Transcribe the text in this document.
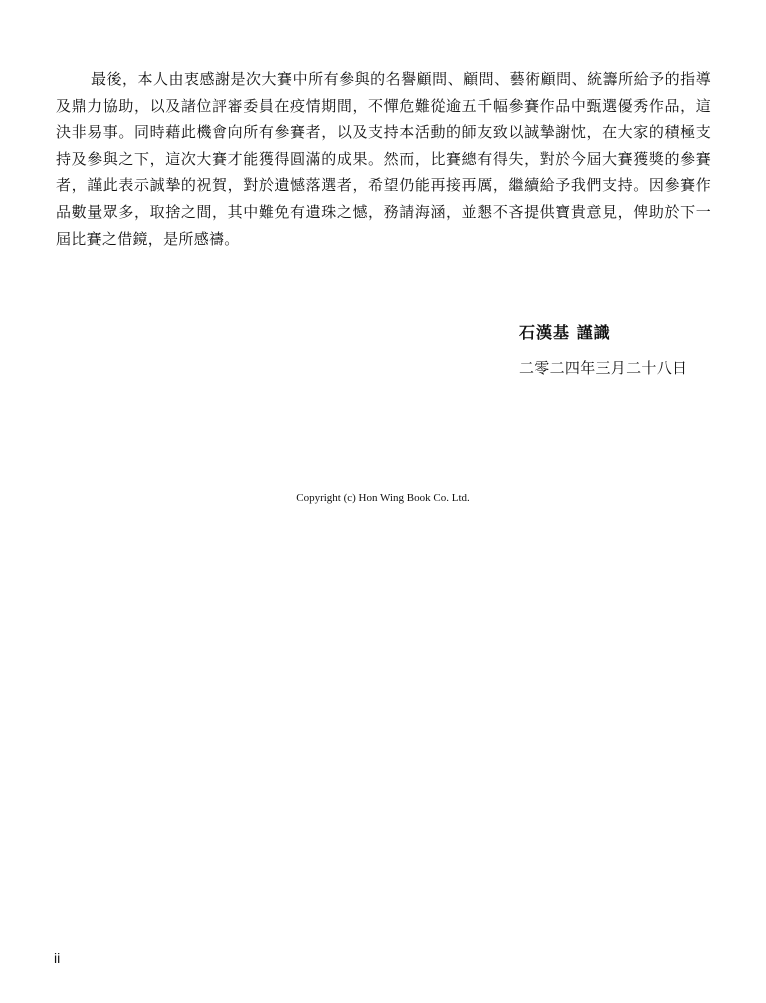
最後，本人由衷感謝是次大賽中所有參與的名譽顧問、顧問、藝術顧問、統籌所給予的指導及鼎力協助，以及諸位評審委員在疫情期間，不憚危難從逾五千幅參賽作品中甄選優秀作品，這決非易事。同時藉此機會向所有參賽者，以及支持本活動的師友致以誠摯謝忱，在大家的積極支持及參與之下，這次大賽才能獲得圓滿的成果。然而，比賽總有得失，對於今屆大賽獲獎的參賽者，謹此表示誠摯的祝賀，對於遺憾落選者，希望仍能再接再厲，繼續給予我們支持。因參賽作品數量眾多，取捨之間，其中難免有遺珠之憾，務請海涵，並懇不吝提供寶貴意見，俾助於下一屆比賽之借鏡，是所感禱。

石漢基 謹識

二零二四年三月二十八日

Copyright (c) Hon Wing Book Co. Ltd.

ii
